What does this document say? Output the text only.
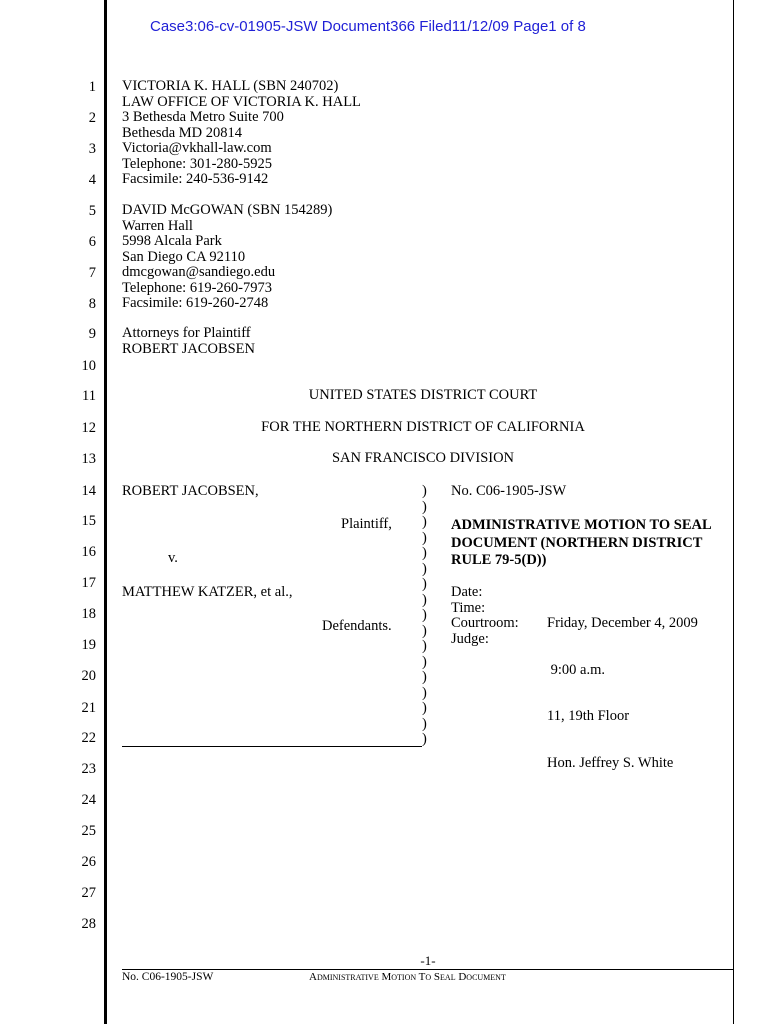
Case3:06-cv-01905-JSW Document366 Filed11/12/09 Page1 of 8
1
2
3
4
5
6
7
8
9
10
11
12
13
14
15
16
17
18
19
20
21
22
23
24
25
26
27
28
VICTORIA K. HALL (SBN 240702)
LAW OFFICE OF VICTORIA K. HALL
3 Bethesda Metro Suite 700
Bethesda MD 20814
Victoria@vkhall-law.com
Telephone: 301-280-5925
Facsimile: 240-536-9142
DAVID McGOWAN (SBN 154289)
Warren Hall
5998 Alcala Park
San Diego CA 92110
dmcgowan@sandiego.edu
Telephone: 619-260-7973
Facsimile: 619-260-2748
Attorneys for Plaintiff
ROBERT JACOBSEN
UNITED STATES DISTRICT COURT
FOR THE NORTHERN DISTRICT OF CALIFORNIA
SAN FRANCISCO DIVISION
ROBERT JACOBSEN,
Plaintiff,
v.
MATTHEW KATZER, et al.,
Defendants.
)
)
)
)
)
)
)
)
)
)
)
)
)
)
)
)
)
No. C06-1905-JSW
ADMINISTRATIVE MOTION TO SEAL
DOCUMENT (NORTHERN DISTRICT
RULE 79-5(D))
Date:
Time:
Courtroom:
Judge:

Friday, December 4, 2009

9:00 a.m.

11, 19th Floor

Hon. Jeffrey S. White

-1-
No. C06-1905-JSW	Administrative Motion To Seal Document
